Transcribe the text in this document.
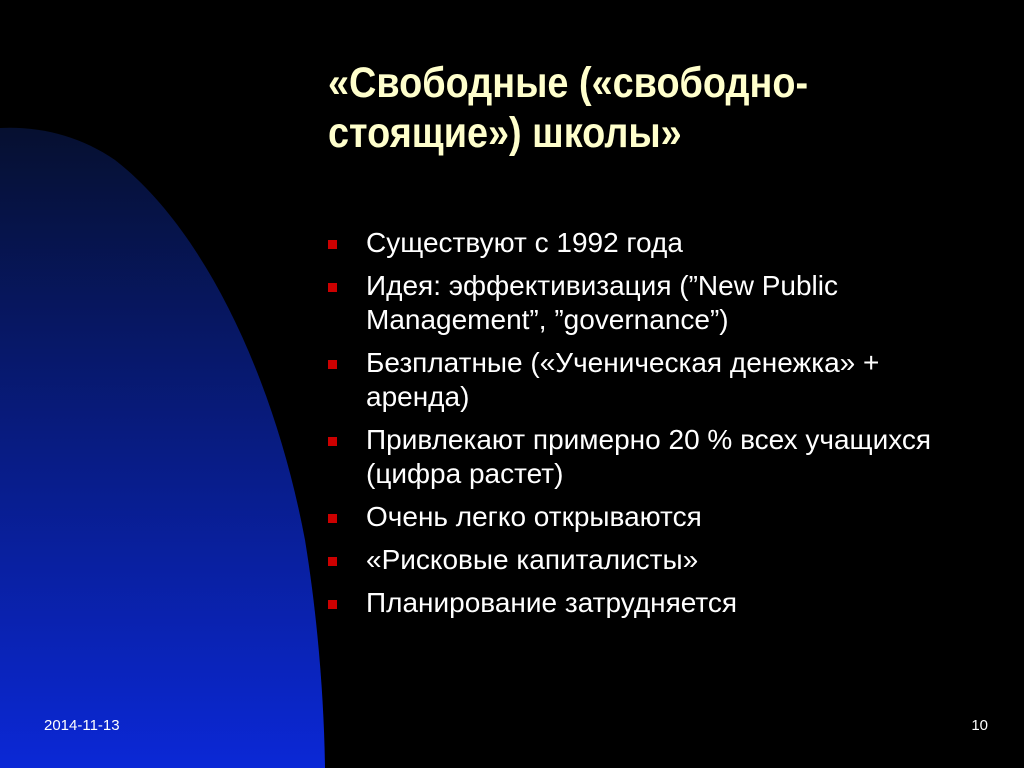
«Свободные («свободно-
стоящие») школы»
Существуют с 1992 года
Идея: эффективизация (”New Public Management”, ”governance”)
Безплатные («Ученическая денежка» + аренда)
Привлекают примерно 20 % всех учащихся (цифра растет)
Очень легко открываются
«Рисковые капиталисты»
Планирование затрудняется
2014-11-13	10
